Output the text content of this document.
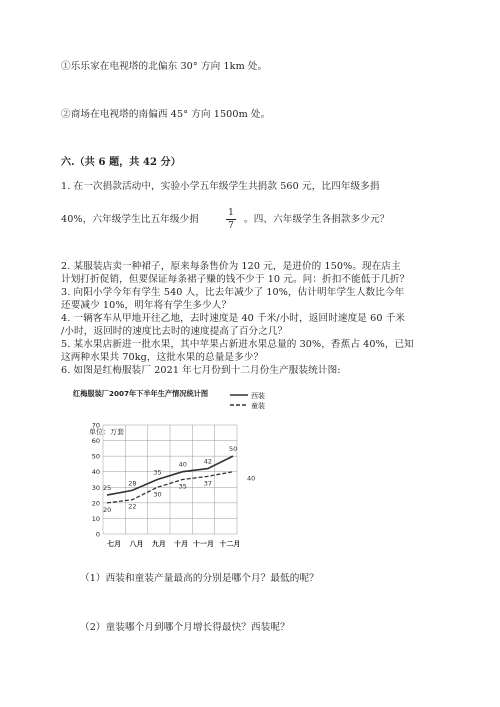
①乐乐家在电视塔的北偏东 30° 方向 1km 处。
②商场在电视塔的南偏西 45° 方向 1500m 处。
六.（共 6 题，共 42 分）
1. 在一次捐款活动中，实验小学五年级学生共捐款 560 元，比四年级多捐
40%，六年级学生比五年级少捐
1
7
。四、六年级学生各捐款多少元？
2. 某服装店卖一种裙子，原来每条售价为 120 元，是进价的 150%。现在店主
计划打折促销，但要保证每条裙子赚的钱不少于 10 元。问：折扣不能低于几折？
3. 向阳小学今年有学生 540 人，比去年减少了 10%，估计明年学生人数比今年
还要减少 10%，明年将有学生多少人？
4. 一辆客车从甲地开往乙地，去时速度是 40 千米/小时，返回时速度是 60 千米
/小时，返回时的速度比去时的速度提高了百分之几？
5. 某水果店新进一批水果，其中苹果占新进水果总量的 30%，香蕉占 40%，已知
这两种水果共 70kg，这批水果的总量是多少？
6. 如图是红梅服装厂 2021 年七月份到十二月份生产服装统计图:
红梅服装厂2007年下半年生产情况统计图
单位：万套
西装
童装
0
10
20
30
40
50
60
70
七月 八月 九月 十月 十一月 十二月
25
28
35
40	42
50
20	22
30
35	37
40
（1）西装和童装产量最高的分别是哪个月？最低的呢？
（2）童装哪个月到哪个月增长得最快？西装呢？
